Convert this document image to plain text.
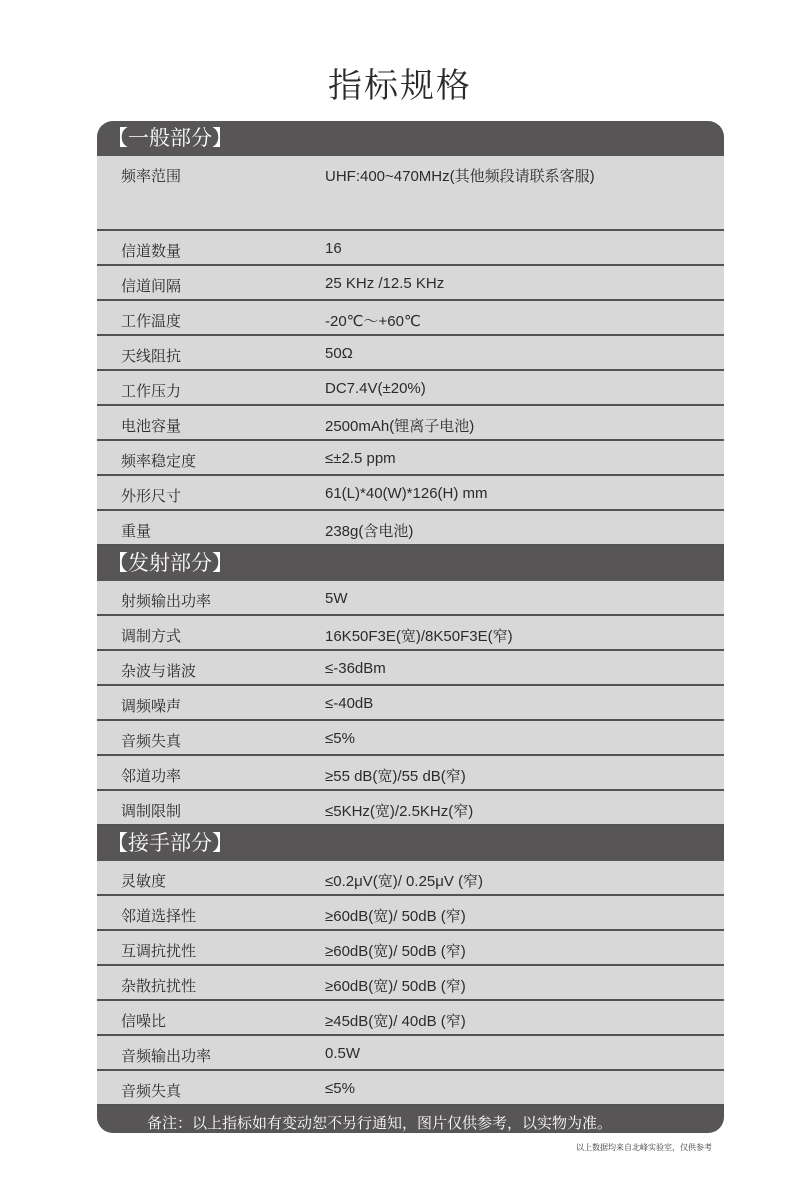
指标规格
【一般部分】
频率范围	UHF:400~470MHz(其他频段请联系客服)
信道数量	16
信道间隔	25 KHz /12.5 KHz
工作温度	-20℃～+60℃
天线阻抗	50Ω
工作压力	DC7.4V(±20%)
电池容量	2500mAh(锂离子电池)
频率稳定度	≤±2.5 ppm
外形尺寸	61(L)*40(W)*126(H) mm
重量	238g(含电池)
【发射部分】
射频输出功率	5W
调制方式	16K50F3E(宽)/8K50F3E(窄)
杂波与谐波	≤-36dBm
调频噪声	≤-40dB
音频失真	≤5%
邻道功率	≥55 dB(宽)/55 dB(窄)
调制限制	≤5KHz(宽)/2.5KHz(窄)
【接手部分】
灵敏度	≤0.2μV(宽)/ 0.25μV (窄)
邻道选择性	≥60dB(宽)/ 50dB (窄)
互调抗扰性	≥60dB(宽)/ 50dB (窄)
杂散抗扰性	≥60dB(宽)/ 50dB (窄)
信噪比	≥45dB(宽)/ 40dB (窄)
音频输出功率	0.5W
音频失真	≤5%
备注：以上指标如有变动恕不另行通知，图片仅供参考，以实物为准。
以上数据均来自北峰实验室，仅供参考
